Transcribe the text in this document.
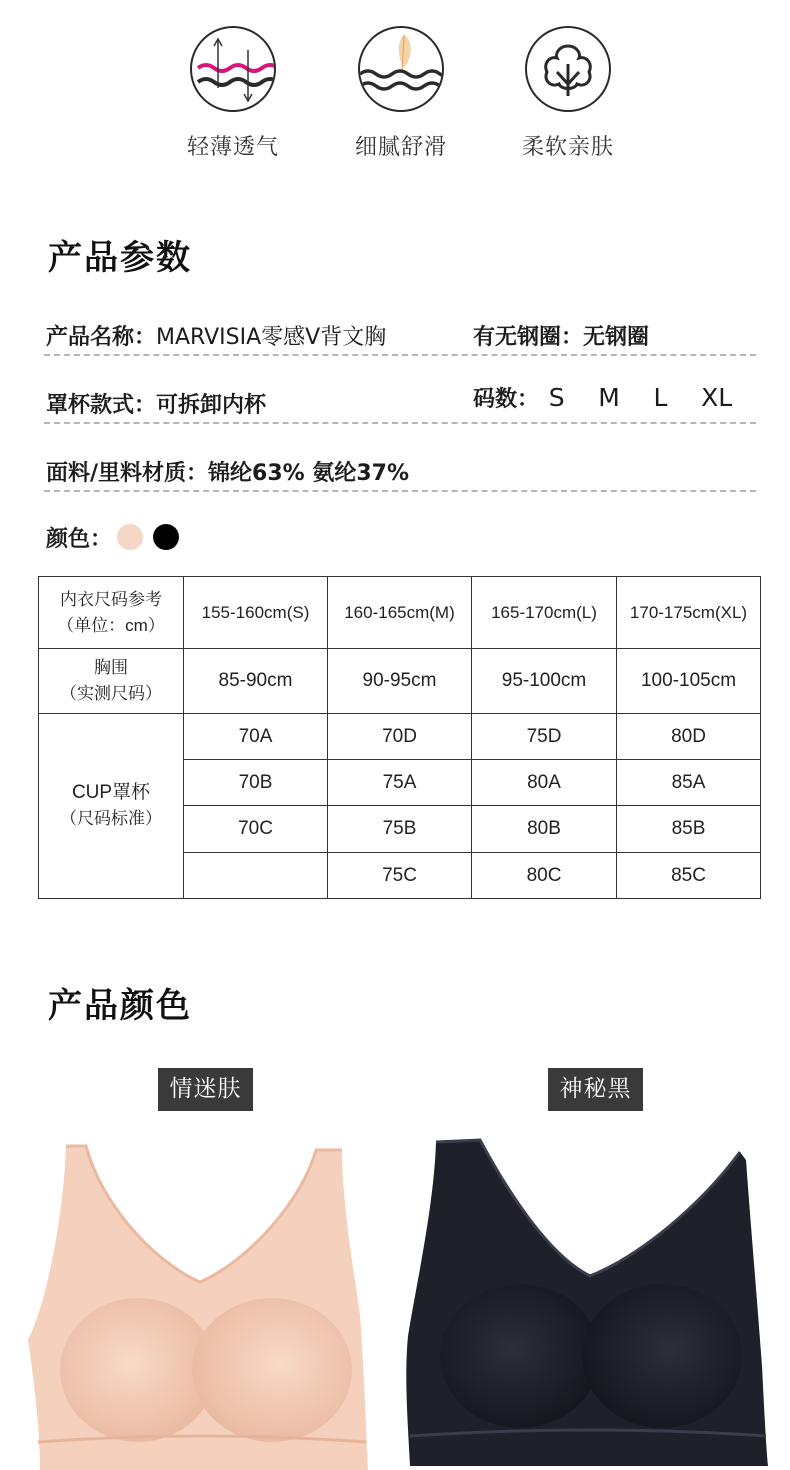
轻薄透气	细腻舒滑	柔软亲肤
产品参数
产品名称：MARVISIA零感V背文胸	有无钢圈：无钢圈
罩杯款式：可拆卸内杯	码数： S M L XL
面料/里料材质：锦纶63% 氨纶37%
颜色：
内衣尺码参考
（单位：cm）	155-160cm(S)	160-165cm(M)	165-170cm(L)	170-175cm(XL)

胸围
（实测尺码）	85-90cm	90-95cm	95-100cm	100-105cm

CUP罩杯
（尺码标准）	70A	70D	75D	80D
	70B	75A	80A	85A
	70C	75B	80B	85B
		75C	80C	85C
产品颜色
情迷肤	神秘黑
